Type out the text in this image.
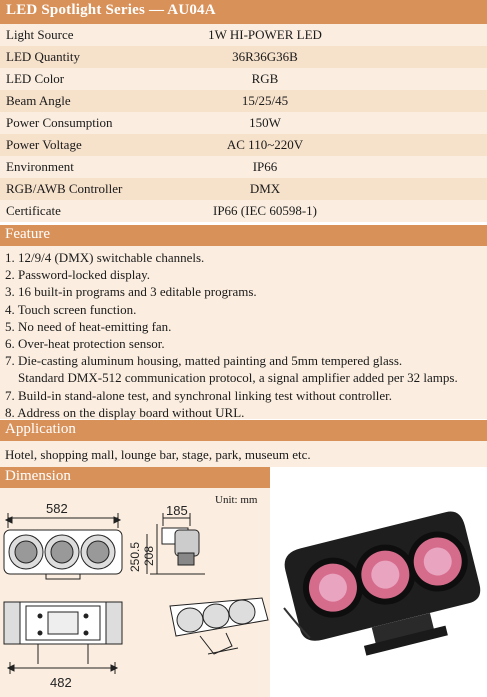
LED Spotlight Series — AU04A
Light Source	1W HI-POWER LED
LED Quantity	36R36G36B
LED Color	RGB
Beam Angle	15/25/45
Power Consumption	150W
Power Voltage	AC 110~220V
Environment	IP66
RGB/AWB Controller	DMX
Certificate	IP66 (IEC 60598-1)
Feature
1. 12/9/4 (DMX) switchable channels.
2. Password-locked display.
3. 16 built-in programs and 3 editable programs.
4. Touch screen function.
5. No need of heat-emitting fan.
6. Over-heat protection sensor.
7. Die-casting aluminum housing, matted painting and 5mm tempered glass.
Standard DMX-512 communication protocol, a signal amplifier added per 32 lamps.
7. Build-in stand-alone test, and synchronal linking test without controller.
8. Address on the display board without URL.
Application
Hotel, shopping mall, lounge bar, stage, park, museum etc.
Dimension
Unit: mm
582	185
250.5 208
482
